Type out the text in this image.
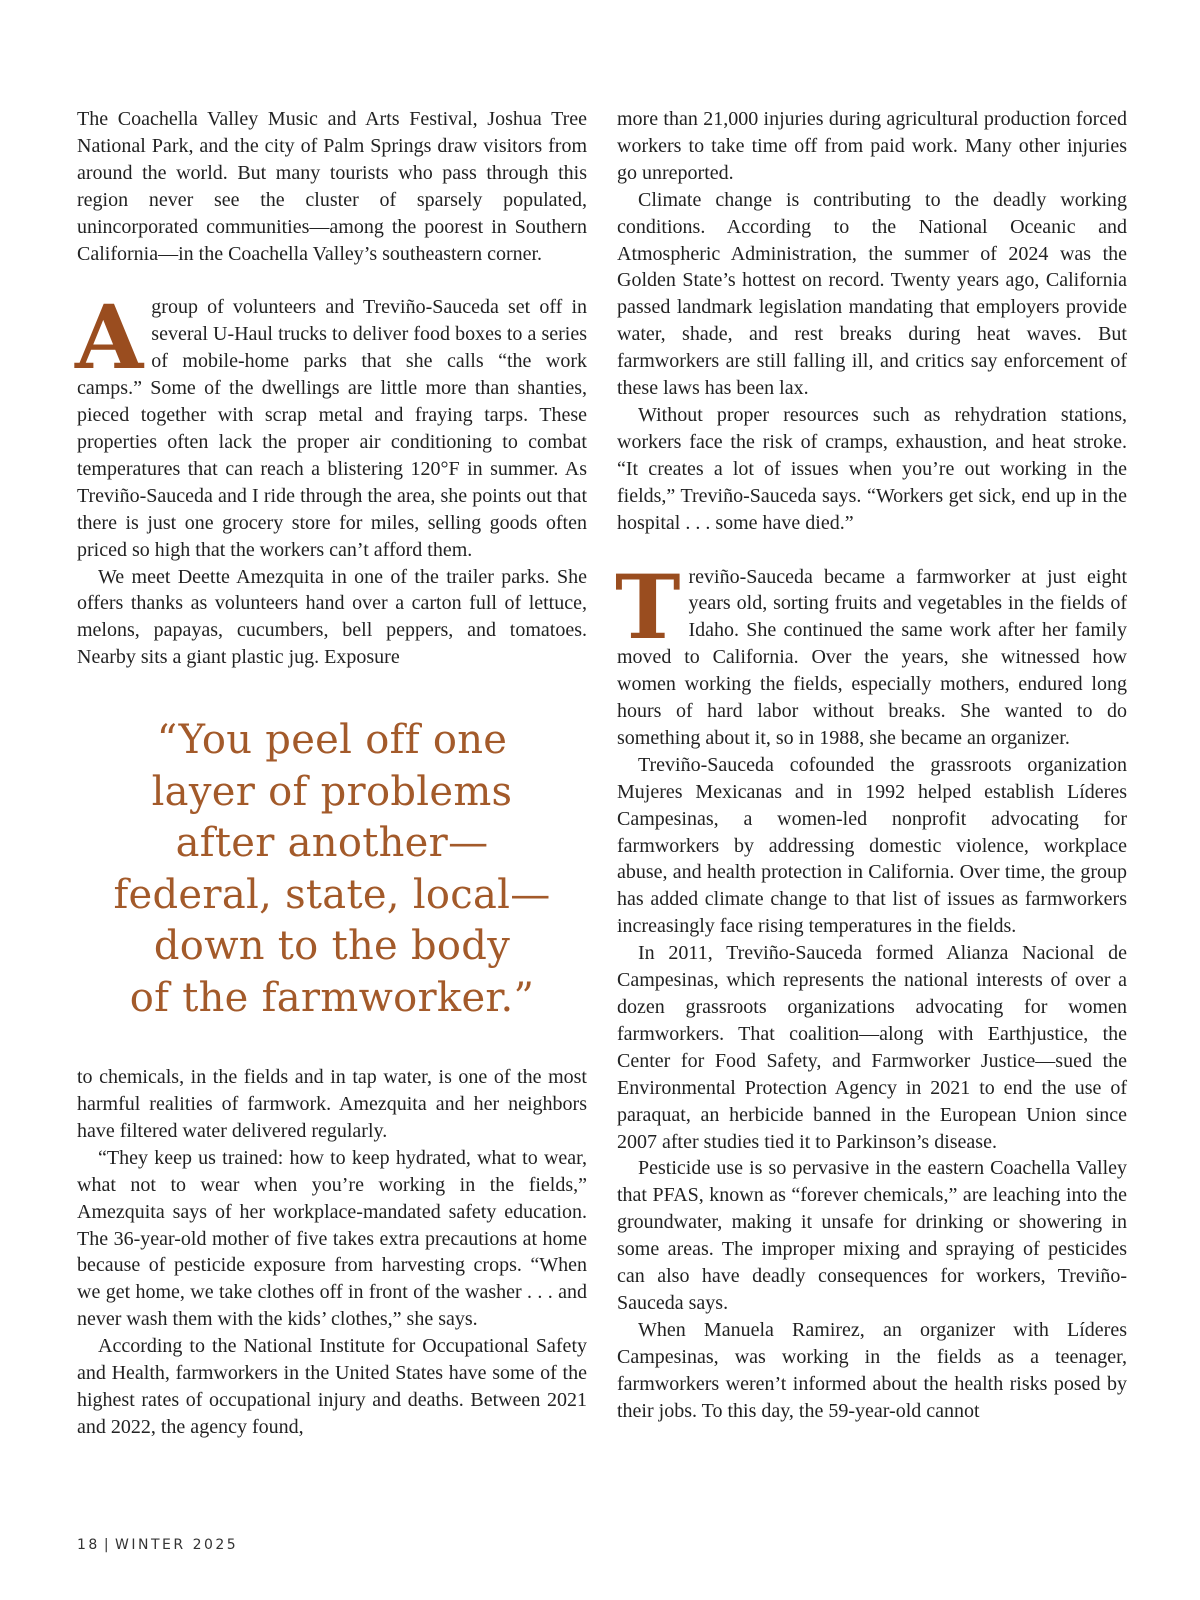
The Coachella Valley Music and Arts Festival, Joshua Tree National Park, and the city of Palm Springs draw visitors from around the world. But many tourists who pass through this region never see the cluster of sparsely populated, unincorporated communities—among the poorest in Southern California—in the Coachella Valley’s southeastern corner.

Agroup of volunteers and Treviño-Sauceda set off in several U-Haul trucks to deliver food boxes to a series of mobile-home parks that she calls “the work camps.” Some of the dwellings are little more than shanties, pieced together with scrap metal and fraying tarps. These properties often lack the proper air conditioning to combat temperatures that can reach a blistering 120°F in summer. As Treviño-Sauceda and I ride through the area, she points out that there is just one grocery store for miles, selling goods often priced so high that the workers can’t afford them.

We meet Deette Amezquita in one of the trailer parks. She offers thanks as volunteers hand over a carton full of lettuce, melons, papayas, cucumbers, bell peppers, and tomatoes. Nearby sits a giant plastic jug. Exposure

“You peel off one
layer of problems
after another—
federal, state, local—
down to the body
of the farmworker.”

to chemicals, in the fields and in tap water, is one of the most harmful realities of farmwork. Amezquita and her neighbors have filtered water delivered regularly.

“They keep us trained: how to keep hydrated, what to wear, what not to wear when you’re working in the fields,” Amezquita says of her workplace-mandated safety education. The 36-year-old mother of five takes extra precautions at home because of pesticide exposure from harvesting crops. “When we get home, we take clothes off in front of the washer . . . and never wash them with the kids’ clothes,” she says.

According to the National Institute for Occupational Safety and Health, farmworkers in the United States have some of the highest rates of occupational injury and deaths. Between 2021 and 2022, the agency found,

more than 21,000 injuries during agricultural production forced workers to take time off from paid work. Many other injuries go unreported.

Climate change is contributing to the deadly working conditions. According to the National Oceanic and Atmospheric Administration, the summer of 2024 was the Golden State’s hottest on record. Twenty years ago, California passed landmark legislation mandating that employers provide water, shade, and rest breaks during heat waves. But farmworkers are still falling ill, and critics say enforcement of these laws has been lax.

Without proper resources such as rehydration stations, workers face the risk of cramps, exhaustion, and heat stroke. “It creates a lot of issues when you’re out working in the fields,” Treviño-Sauceda says. “Workers get sick, end up in the hospital . . . some have died.”

Treviño-Sauceda became a farmworker at just eight years old, sorting fruits and vegetables in the fields of Idaho. She continued the same work after her family moved to California. Over the years, she witnessed how women working the fields, especially mothers, endured long hours of hard labor without breaks. She wanted to do something about it, so in 1988, she became an organizer.

Treviño-Sauceda cofounded the grassroots organization Mujeres Mexicanas and in 1992 helped establish Líderes Campesinas, a women-led nonprofit advocating for farmworkers by addressing domestic violence, workplace abuse, and health protection in California. Over time, the group has added climate change to that list of issues as farmworkers increasingly face rising temperatures in the fields.

In 2011, Treviño-Sauceda formed Alianza Nacional de Campesinas, which represents the national interests of over a dozen grassroots organizations advocating for women farmworkers. That coalition—along with Earthjustice, the Center for Food Safety, and Farmworker Justice—sued the Environmental Protection Agency in 2021 to end the use of paraquat, an herbicide banned in the European Union since 2007 after studies tied it to Parkinson’s disease.

Pesticide use is so pervasive in the eastern Coachella Valley that PFAS, known as “forever chemicals,” are leaching into the groundwater, making it unsafe for drinking or showering in some areas. The improper mixing and spraying of pesticides can also have deadly consequences for workers, Treviño-Sauceda says.

When Manuela Ramirez, an organizer with Líderes Campesinas, was working in the fields as a teenager, farmworkers weren’t informed about the health risks posed by their jobs. To this day, the 59-year-old cannot

18 | WINTER 2025
